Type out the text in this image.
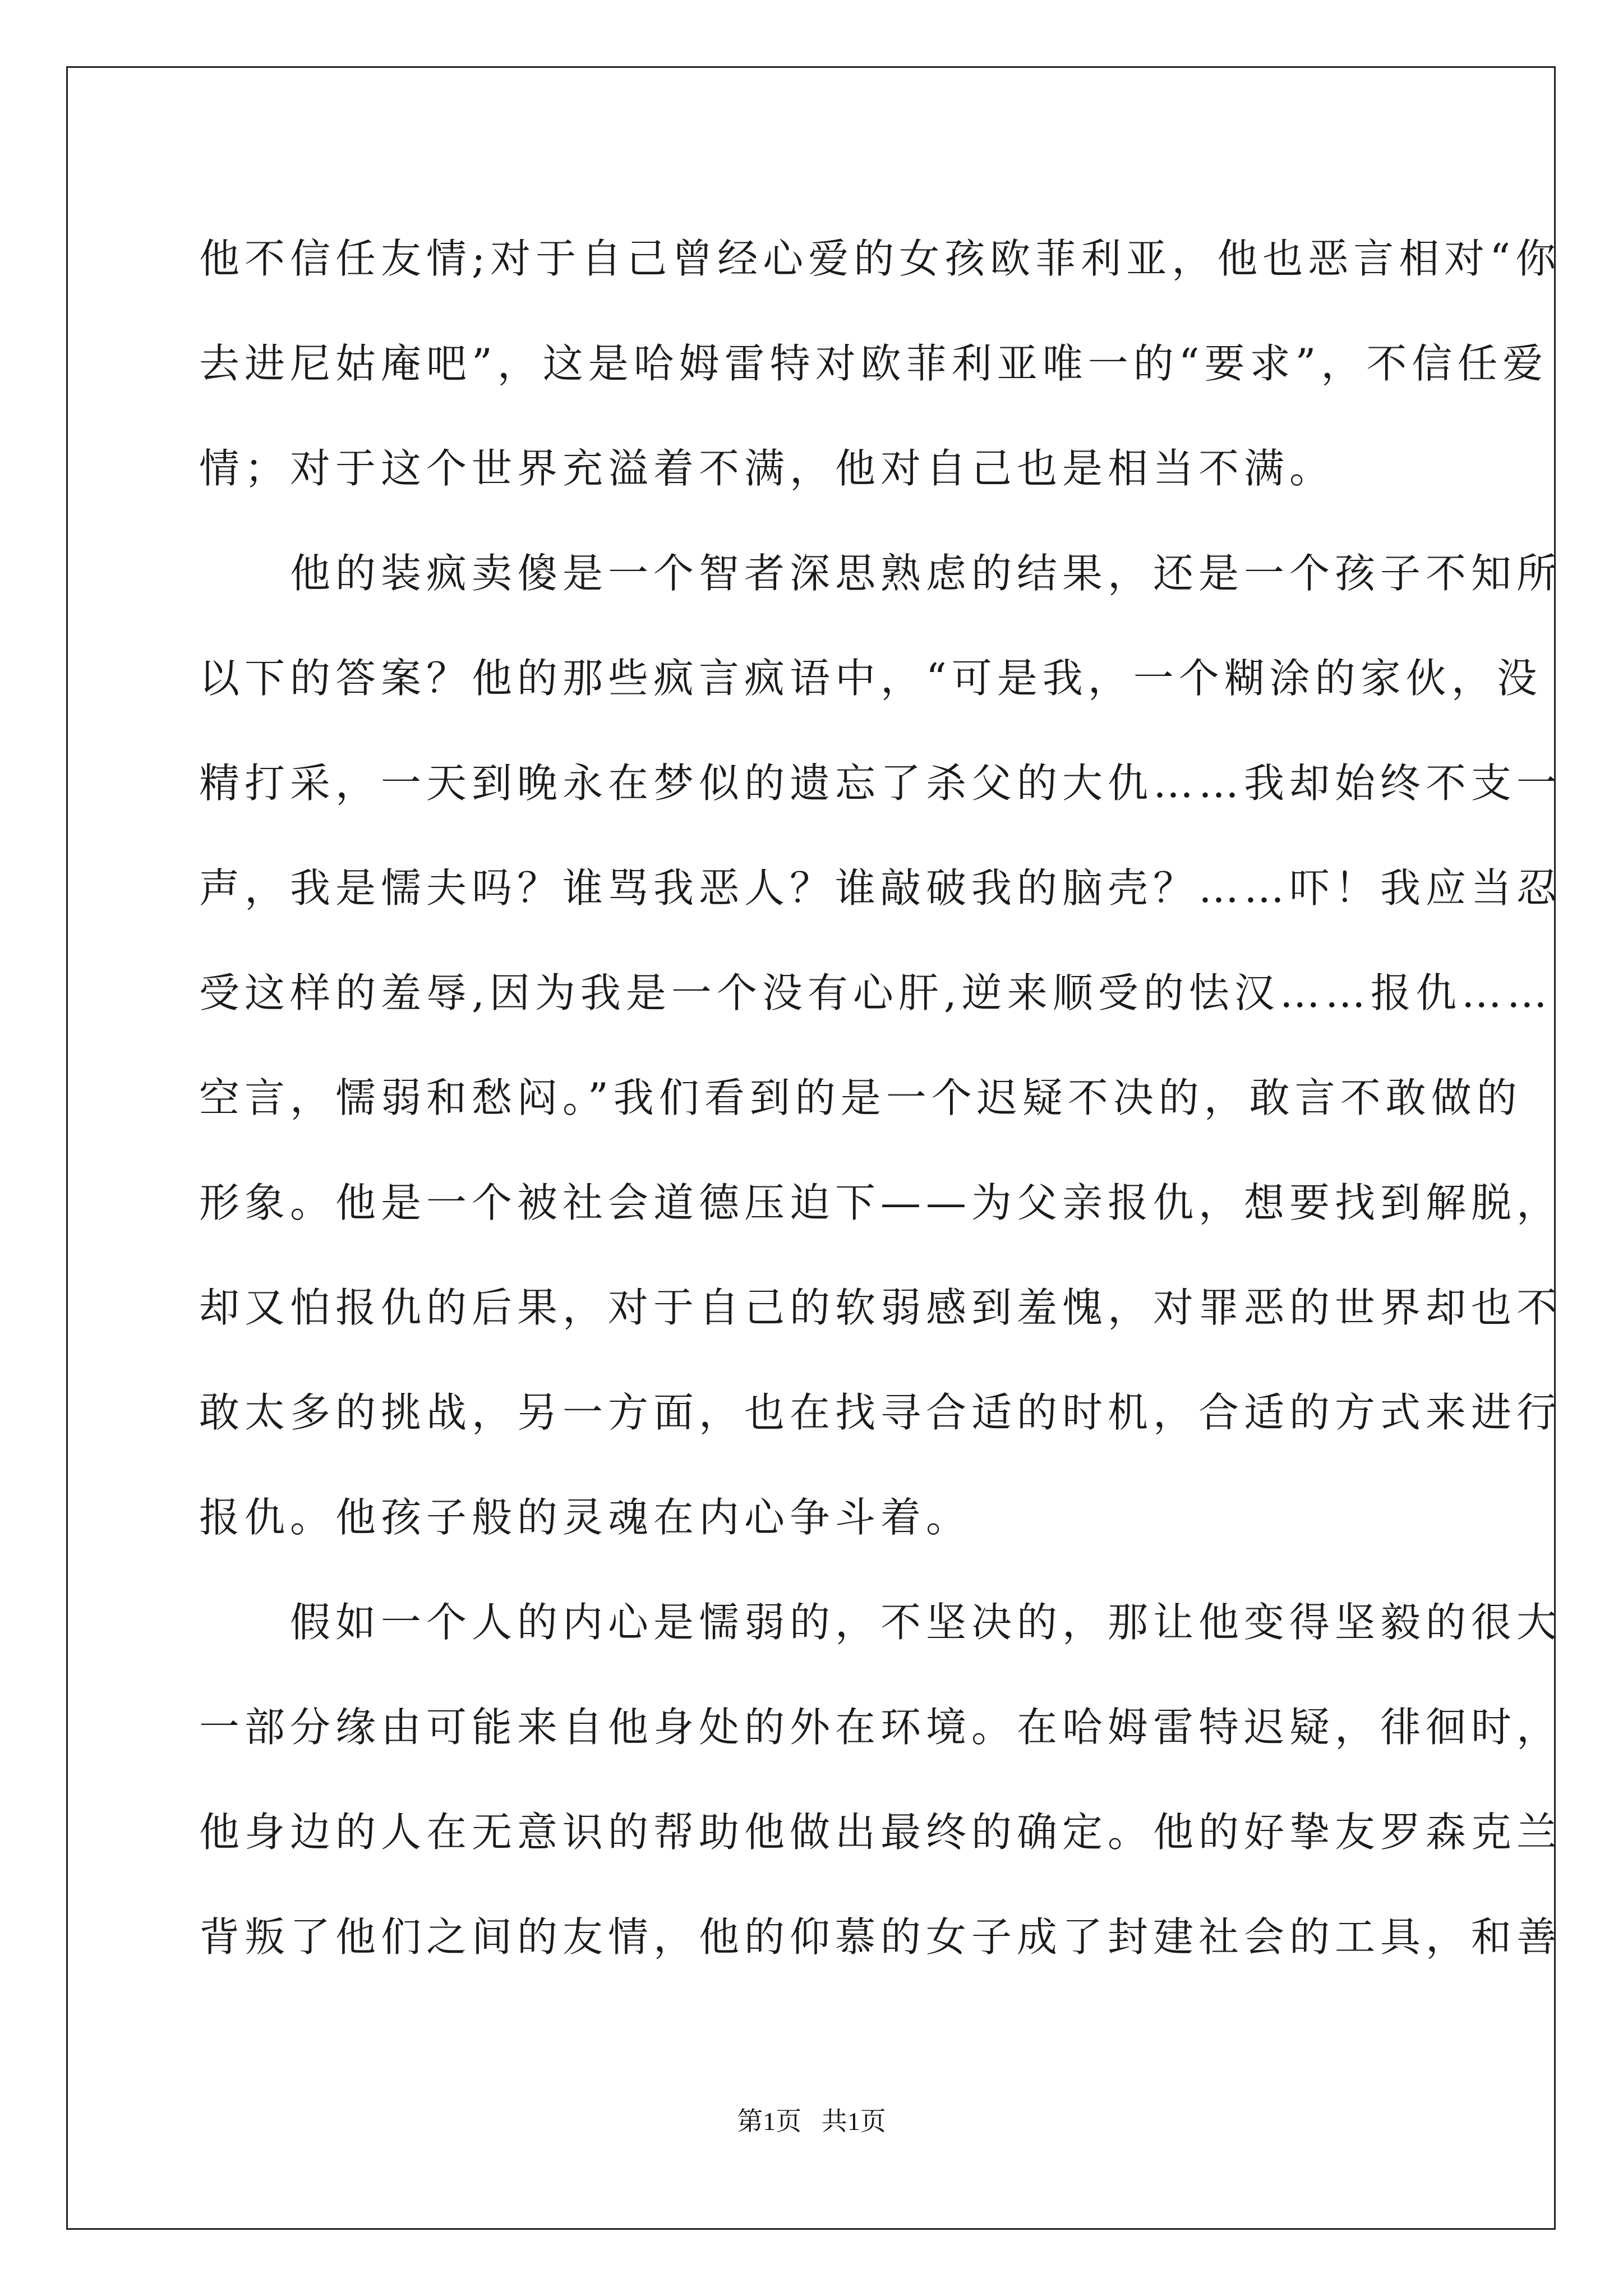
他不信任友情;对于自己曾经心爱的女孩欧菲利亚，他也恶言相对“你
去进尼姑庵吧”，这是哈姆雷特对欧菲利亚唯一的“要求”，不信任爱
情；对于这个世界充溢着不满，他对自己也是相当不满。
　　他的装疯卖傻是一个智者深思熟虑的结果，还是一个孩子不知所
以下的答案？他的那些疯言疯语中，“可是我，一个糊涂的家伙，没
精打采，一天到晚永在梦似的遗忘了杀父的大仇……我却始终不支一
声，我是懦夫吗？谁骂我恶人？谁敲破我的脑壳？……吓！我应当忍
受这样的羞辱,因为我是一个没有心肝,逆来顺受的怯汉……报仇……
空言，懦弱和愁闷。”我们看到的是一个迟疑不决的，敢言不敢做的
形象。他是一个被社会道德压迫下——为父亲报仇，想要找到解脱，
却又怕报仇的后果，对于自己的软弱感到羞愧，对罪恶的世界却也不
敢太多的挑战，另一方面，也在找寻合适的时机，合适的方式来进行
报仇。他孩子般的灵魂在内心争斗着。
　　假如一个人的内心是懦弱的，不坚决的，那让他变得坚毅的很大
一部分缘由可能来自他身处的外在环境。在哈姆雷特迟疑，徘徊时，
他身边的人在无意识的帮助他做出最终的确定。他的好挚友罗森克兰
背叛了他们之间的友情，他的仰慕的女子成了封建社会的工具，和善
第1页 共1页
